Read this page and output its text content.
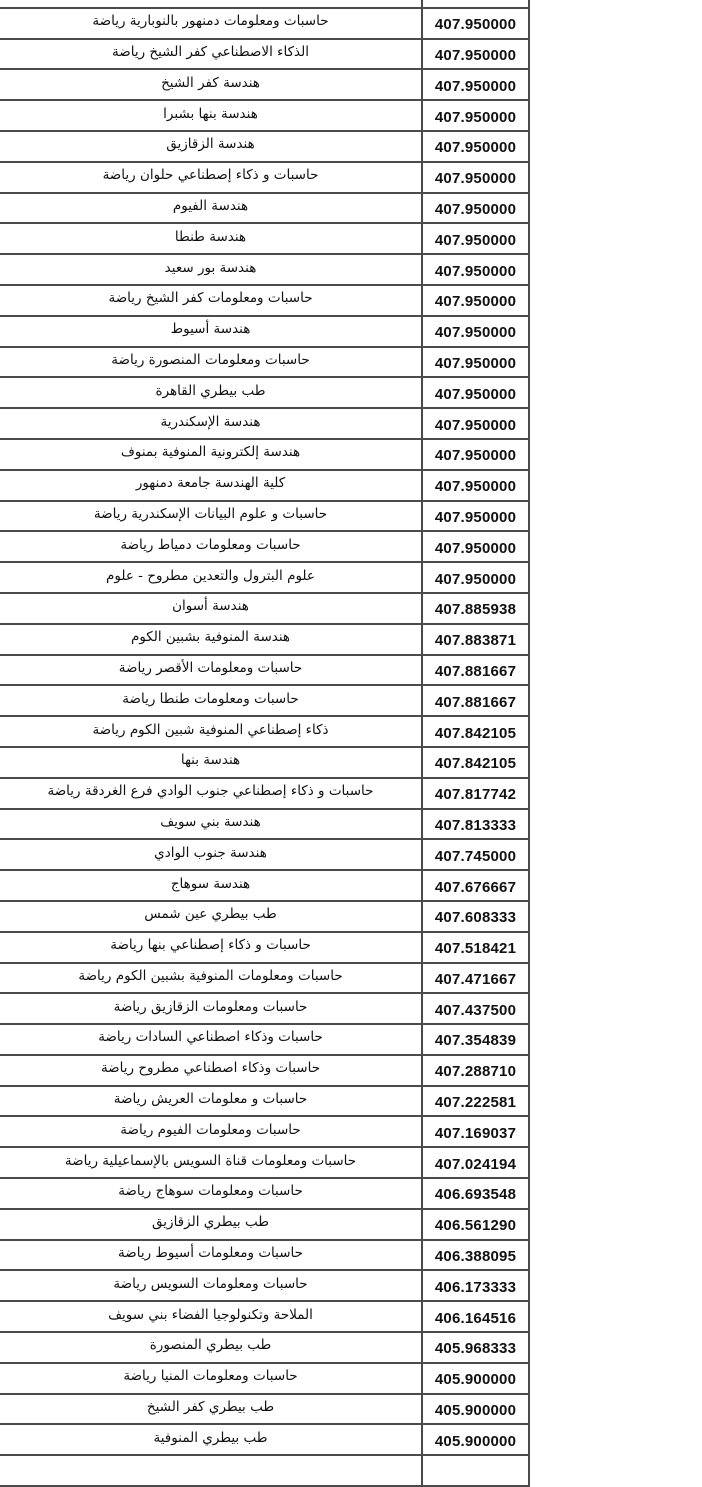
حاسبات ومعلومات دمنهور بالنوبارية رياضة	407.950000
الذكاء الاصطناعي كفر الشيخ رياضة	407.950000
هندسة كفر الشيخ	407.950000
هندسة بنها بشبرا	407.950000
هندسة الزقازيق	407.950000
حاسبات و ذكاء إصطناعي حلوان رياضة	407.950000
هندسة الفيوم	407.950000
هندسة طنطا	407.950000
هندسة بور سعيد	407.950000
حاسبات ومعلومات كفر الشيخ رياضة	407.950000
هندسة أسيوط	407.950000
حاسبات ومعلومات المنصورة رياضة	407.950000
طب بيطري القاهرة	407.950000
هندسة الإسكندرية	407.950000
هندسة إلكترونية المنوفية بمنوف	407.950000
كلية الهندسة جامعة دمنهور	407.950000
حاسبات و علوم البيانات الإسكندرية رياضة	407.950000
حاسبات ومعلومات دمياط رياضة	407.950000
علوم البترول والتعدين مطروح - علوم	407.950000
هندسة أسوان	407.885938
هندسة المنوفية بشبين الكوم	407.883871
حاسبات ومعلومات الأقصر رياضة	407.881667
حاسبات ومعلومات طنطا رياضة	407.881667
ذكاء إصطناعي المنوفية شبين الكوم رياضة	407.842105
هندسة بنها	407.842105
حاسبات و ذكاء إصطناعي جنوب الوادي فرع الغردقة رياضة	407.817742
هندسة بني سويف	407.813333
هندسة جنوب الوادي	407.745000
هندسة سوهاج	407.676667
طب بيطري عين شمس	407.608333
حاسبات و ذكاء إصطناعي بنها رياضة	407.518421
حاسبات ومعلومات المنوفية بشبين الكوم رياضة	407.471667
حاسبات ومعلومات الزقازيق رياضة	407.437500
حاسبات وذكاء اصطناعي السادات رياضة	407.354839
حاسبات وذكاء اصطناعي مطروح رياضة	407.288710
حاسبات و معلومات العريش رياضة	407.222581
حاسبات ومعلومات الفيوم رياضة	407.169037
حاسبات ومعلومات قناة السويس بالإسماعيلية رياضة	407.024194
حاسبات ومعلومات سوهاج رياضة	406.693548
طب بيطري الزقازيق	406.561290
حاسبات ومعلومات أسيوط رياضة	406.388095
حاسبات ومعلومات السويس رياضة	406.173333
الملاحة وتكنولوجيا الفضاء بني سويف	406.164516
طب بيطري المنصورة	405.968333
حاسبات ومعلومات المنيا رياضة	405.900000
طب بيطري كفر الشيخ	405.900000
طب بيطري المنوفية	405.900000
